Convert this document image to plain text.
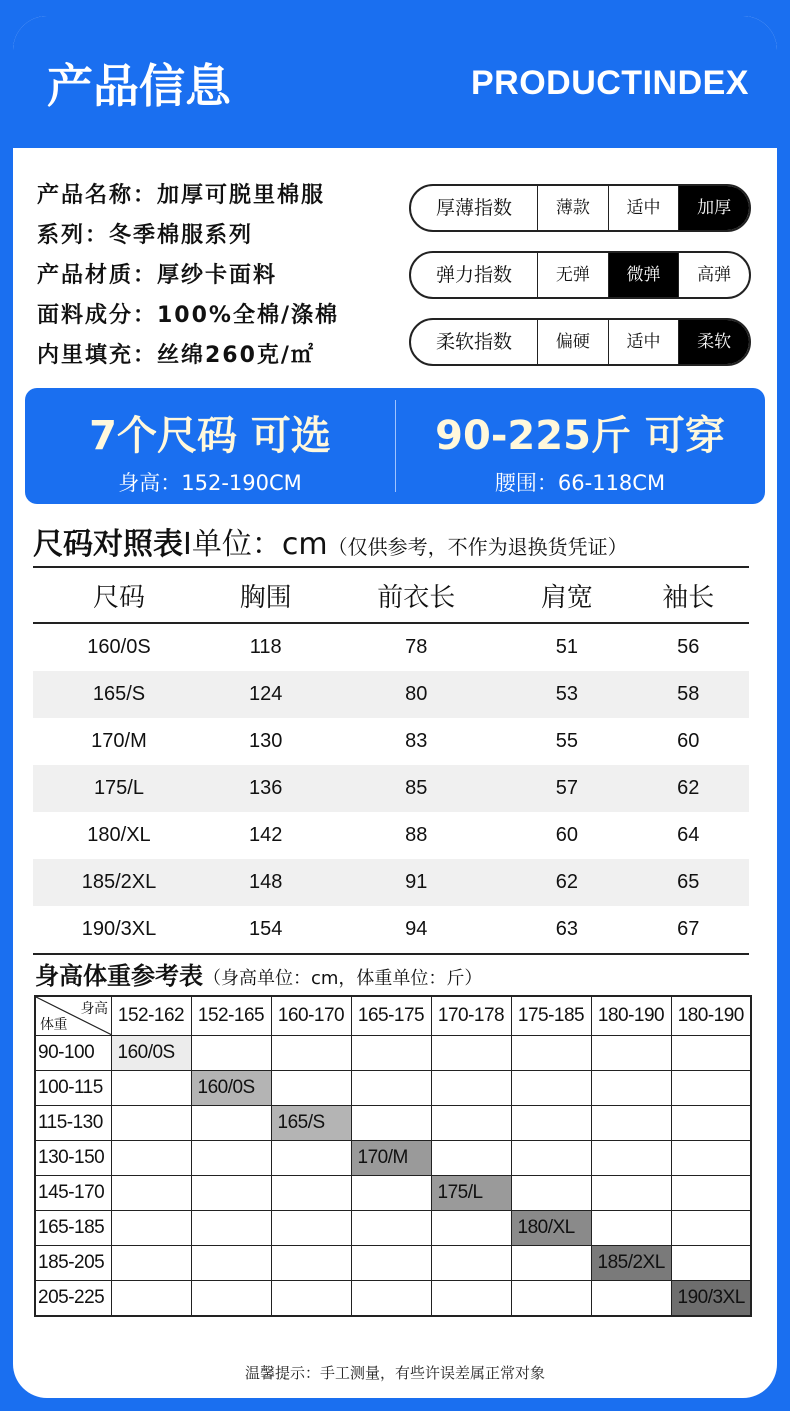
产品信息	PRODUCTINDEX
产品名称：加厚可脱里棉服
系列：冬季棉服系列
产品材质：厚纱卡面料
面料成分：100%全棉/涤棉
内里填充：丝绵260克/㎡
厚薄指数	薄款	适中	加厚
弹力指数	无弹	微弹	高弹
柔软指数	偏硬	适中	柔软
7个尺码 可选
身高：152-190CM
90-225斤 可穿
腰围：66-118CM
尺码对照表I单位：cm（仅供参考，不作为退换货凭证）
尺码	胸围	前衣长	肩宽	袖长
160/0S	118	78	51	56
165/S	124	80	53	58
170/M	130	83	55	60
175/L	136	85	57	62
180/XL	142	88	60	64
185/2XL	148	91	62	65
190/3XL	154	94	63	67
身高体重参考表（身高单位：cm，体重单位：斤）
身高
体重	152-162	152-165	160-170	165-175	170-178	175-185	180-190	180-190
90-100	160/0S							
100-115		160/0S						
115-130			165/S					
130-150				170/M				
145-170					175/L			
165-185						180/XL		
185-205							185/2XL	
205-225								190/3XL
温馨提示：手工测量，有些许误差属正常对象
